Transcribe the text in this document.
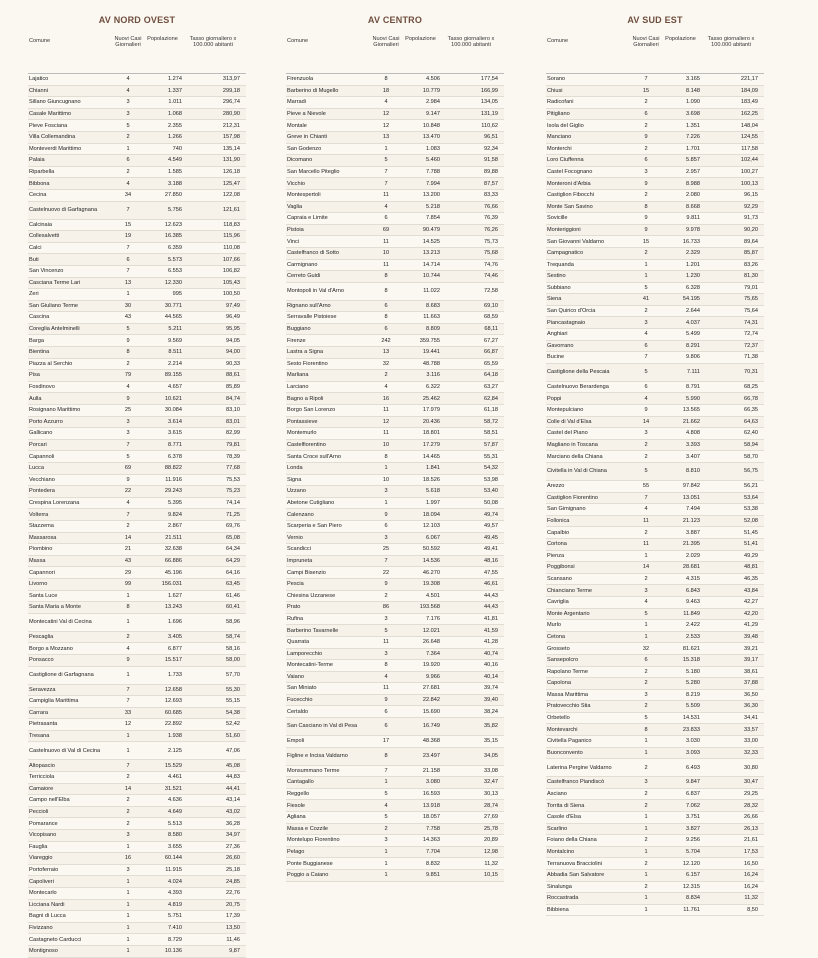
AV NORD OVEST
Comune	Nuovi Casi Giornalieri
Popolazione	Tasso giornaliero x 100.000 abitanti
Lajatico	4	1.274	313,97
Chianni	4	1.337	299,18
Sillano Giuncugnano	3	1.011	296,74
Casale Marittimo	3	1.068	280,90
Pieve Fosciana	5	2.355	212,31
Villa Collemandina	2	1.266	157,98
Monteverdi Marittimo	1	740	135,14
Palaia	6	4.549	131,90
Riparbella	2	1.585	126,18
Bibbona	4	3.188	125,47
Cecina	34	27.850	122,08
Castelnuovo di Garfagnana	7	5.756	121,61
Calcinaia	15	12.623	118,83
Collesalvetti	19	16.385	115,96
Calci	7	6.359	110,08
Buti	6	5.573	107,66
San Vincenzo	7	6.553	106,82
Casciana Terme Lari	13	12.330	105,43
Zeri	1	995	100,50
San Giuliano Terme	30	30.771	97,49
Cascina	43	44.565	96,49
Coreglia Antelminelli	5	5.211	95,95
Barga	9	9.569	94,05
Bientina	8	8.511	94,00
Piazza al Serchio	2	2.214	90,33
Pisa	79	89.155	88,61
Fosdinovo	4	4.657	85,89
Aulla	9	10.621	84,74
Rosignano Marittimo	25	30.084	83,10
Porto Azzurro	3	3.614	83,01
Gallicano	3	3.615	82,99
Porcari	7	8.771	79,81
Capannoli	5	6.378	78,39
Lucca	69	88.822	77,68
Vecchiano	9	11.916	75,53
Pontedera	22	29.243	75,23
Crespina Lorenzana	4	5.395	74,14
Volterra	7	9.824	71,25
Stazzema	2	2.867	69,76
Massarosa	14	21.511	65,08
Piombino	21	32.638	64,34
Massa	43	66.886	64,29
Capannori	29	45.196	64,16
Livorno	99	156.031	63,45
Santa Luce	1	1.627	61,46
Santa Maria a Monte	8	13.243	60,41
Montecatini Val di Cecina	1	1.696	58,96
Pescaglia	2	3.405	58,74
Borgo a Mozzano	4	6.877	58,16
Ponsacco	9	15.517	58,00
Castiglione di Garfagnana	1	1.733	57,70
Seravezza	7	12.658	55,30
Campiglia Marittima	7	12.693	55,15
Carrara	33	60.685	54,38
Pietrasanta	12	22.892	52,42
Tresana	1	1.938	51,60
Castelnuovo di Val di Cecina	1	2.125	47,06
Altopascio	7	15.529	45,08
Terricciola	2	4.461	44,83
Camaiore	14	31.521	44,41
Campo nell'Elba	2	4.636	43,14
Peccioli	2	4.649	43,02
Pomarance	2	5.513	36,28
Vicopisano	3	8.580	34,97
Fauglia	1	3.655	27,36
Viareggio	16	60.144	26,60
Portoferraio	3	11.915	25,18
Capoliveri	1	4.024	24,85
Montecarlo	1	4.393	22,76
Licciana Nardi	1	4.819	20,75
Bagni di Lucca	1	5.751	17,39
Fivizzano	1	7.410	13,50
Castagneto Carducci	1	8.729	11,46
Montignoso	1	10.136	9,87
AV CENTRO
Comune	Nuovi Casi Giornalieri
Popolazione	Tasso giornaliero x 100.000 abitanti
Firenzuola	8	4.506	177,54
Barberino di Mugello	18	10.779	166,99
Marradi	4	2.984	134,05
Pieve a Nievole	12	9.147	131,19
Montale	12	10.848	110,62
Greve in Chianti	13	13.470	96,51
San Godenzo	1	1.083	92,34
Dicomano	5	5.460	91,58
San Marcello Piteglio	7	7.788	89,88
Vicchio	7	7.994	87,57
Montespertoli	11	13.200	83,33
Vaglia	4	5.218	76,66
Capraia e Limite	6	7.854	76,39
Pistoia	69	90.479	76,26
Vinci	11	14.525	75,73
Castelfranco di Sotto	10	13.213	75,68
Carmignano	11	14.714	74,76
Cerreto Guidi	8	10.744	74,46
Montopoli in Val d'Arno	8	11.022	72,58
Rignano sull'Arno	6	8.683	69,10
Serravalle Pistoiese	8	11.663	68,59
Buggiano	6	8.809	68,11
Firenze	242	359.755	67,27
Lastra a Signa	13	19.441	66,87
Sesto Fiorentino	32	48.788	65,59
Marliana	2	3.116	64,18
Larciano	4	6.322	63,27
Bagno a Ripoli	16	25.462	62,84
Borgo San Lorenzo	11	17.979	61,18
Pontassieve	12	20.436	58,72
Montemurlo	11	18.801	58,51
Castelfiorentino	10	17.279	57,87
Santa Croce sull'Arno	8	14.465	55,31
Londa	1	1.841	54,32
Signa	10	18.526	53,98
Uzzano	3	5.618	53,40
Abetone Cutigliano	1	1.997	50,08
Calenzano	9	18.094	49,74
Scarperia e San Piero	6	12.103	49,57
Vernio	3	6.067	49,45
Scandicci	25	50.592	49,41
Impruneta	7	14.536	48,16
Campi Bisenzio	22	46.270	47,55
Pescia	9	19.308	46,61
Chiesina Uzzanese	2	4.501	44,43
Prato	86	193.568	44,43
Rufina	3	7.176	41,81
Barberino Tavarnelle	5	12.021	41,59
Quarrata	11	26.648	41,28
Lamporecchio	3	7.364	40,74
Montecatini-Terme	8	19.920	40,16
Vaiano	4	9.966	40,14
San Miniato	11	27.681	39,74
Fucecchio	9	22.842	39,40
Certaldo	6	15.690	38,24
San Casciano in Val di Pesa	6	16.749	35,82
Empoli	17	48.368	35,15
Figline e Incisa Valdarno	8	23.497	34,05
Monsummano Terme	7	21.158	33,08
Cantagallo	1	3.080	32,47
Reggello	5	16.593	30,13
Fiesole	4	13.918	28,74
Agliana	5	18.057	27,69
Massa e Cozzile	2	7.758	25,78
Montelupo Fiorentino	3	14.363	20,89
Pelago	1	7.704	12,98
Ponte Buggianese	1	8.832	11,32
Poggio a Caiano	1	9.851	10,15
AV SUD EST
Comune	Nuovi Casi Giornalieri
Popolazione	Tasso giornaliero x 100.000 abitanti
Sorano	7	3.165	221,17
Chiusi	15	8.148	184,09
Radicofani	2	1.090	183,49
Pitigliano	6	3.698	162,25
Isola del Giglio	2	1.351	148,04
Manciano	9	7.226	124,55
Monterchi	2	1.701	117,58
Loro Ciuffenna	6	5.857	102,44
Castel Focognano	3	2.957	100,27
Monteroni d'Arbia	9	8.988	100,13
Castiglion Fibocchi	2	2.080	96,15
Monte San Savino	8	8.668	92,29
Sovicille	9	9.811	91,73
Monteriggioni	9	9.978	90,20
San Giovanni Valdarno	15	16.733	89,64
Campagnatico	2	2.329	85,87
Trequanda	1	1.201	83,26
Sestino	1	1.230	81,30
Subbiano	5	6.328	79,01
Siena	41	54.195	75,65
San Quirico d'Orcia	2	2.644	75,64
Piancastagnaio	3	4.037	74,31
Anghiari	4	5.499	72,74
Gavorrano	6	8.291	72,37
Bucine	7	9.806	71,38
Castiglione della Pescaia	5	7.111	70,31
Castelnuovo Berardenga	6	8.791	68,25
Poppi	4	5.990	66,78
Montepulciano	9	13.565	66,35
Colle di Val d'Elsa	14	21.662	64,63
Castel del Piano	3	4.808	62,40
Magliano in Toscana	2	3.393	58,94
Marciano della Chiana	2	3.407	58,70
Civitella in Val di Chiana	5	8.810	56,75
Arezzo	55	97.842	56,21
Castiglion Fiorentino	7	13.051	53,64
San Gimignano	4	7.494	53,38
Follonica	11	21.123	52,08
Capalbio	2	3.887	51,45
Cortona	11	21.395	51,41
Pienza	1	2.029	49,29
Poggibonsi	14	28.681	48,81
Scansano	2	4.315	46,35
Chianciano Terme	3	6.843	43,84
Cavriglia	4	9.463	42,27
Monte Argentario	5	11.849	42,20
Murlo	1	2.422	41,29
Cetona	1	2.533	39,48
Grosseto	32	81.621	39,21
Sansepolcro	6	15.318	39,17
Rapolano Terme	2	5.180	38,61
Capolona	2	5.280	37,88
Massa Marittima	3	8.219	36,50
Pratovecchio Stia	2	5.509	36,30
Orbetello	5	14.531	34,41
Montevarchi	8	23.833	33,57
Civitella Paganico	1	3.030	33,00
Buonconvento	1	3.093	32,33
Laterina Pergine Valdarno	2	6.493	30,80
Castelfranco Piandiscò	3	9.847	30,47
Asciano	2	6.837	29,25
Torrita di Siena	2	7.062	28,32
Casole d'Elsa	1	3.751	26,66
Scarlino	1	3.827	26,13
Foiano della Chiana	2	9.256	21,61
Montalcino	1	5.704	17,53
Terranuova Bracciolini	2	12.120	16,50
Abbadia San Salvatore	1	6.157	16,24
Sinalunga	2	12.315	16,24
Roccastrada	1	8.834	11,32
Bibbiena	1	11.761	8,50
